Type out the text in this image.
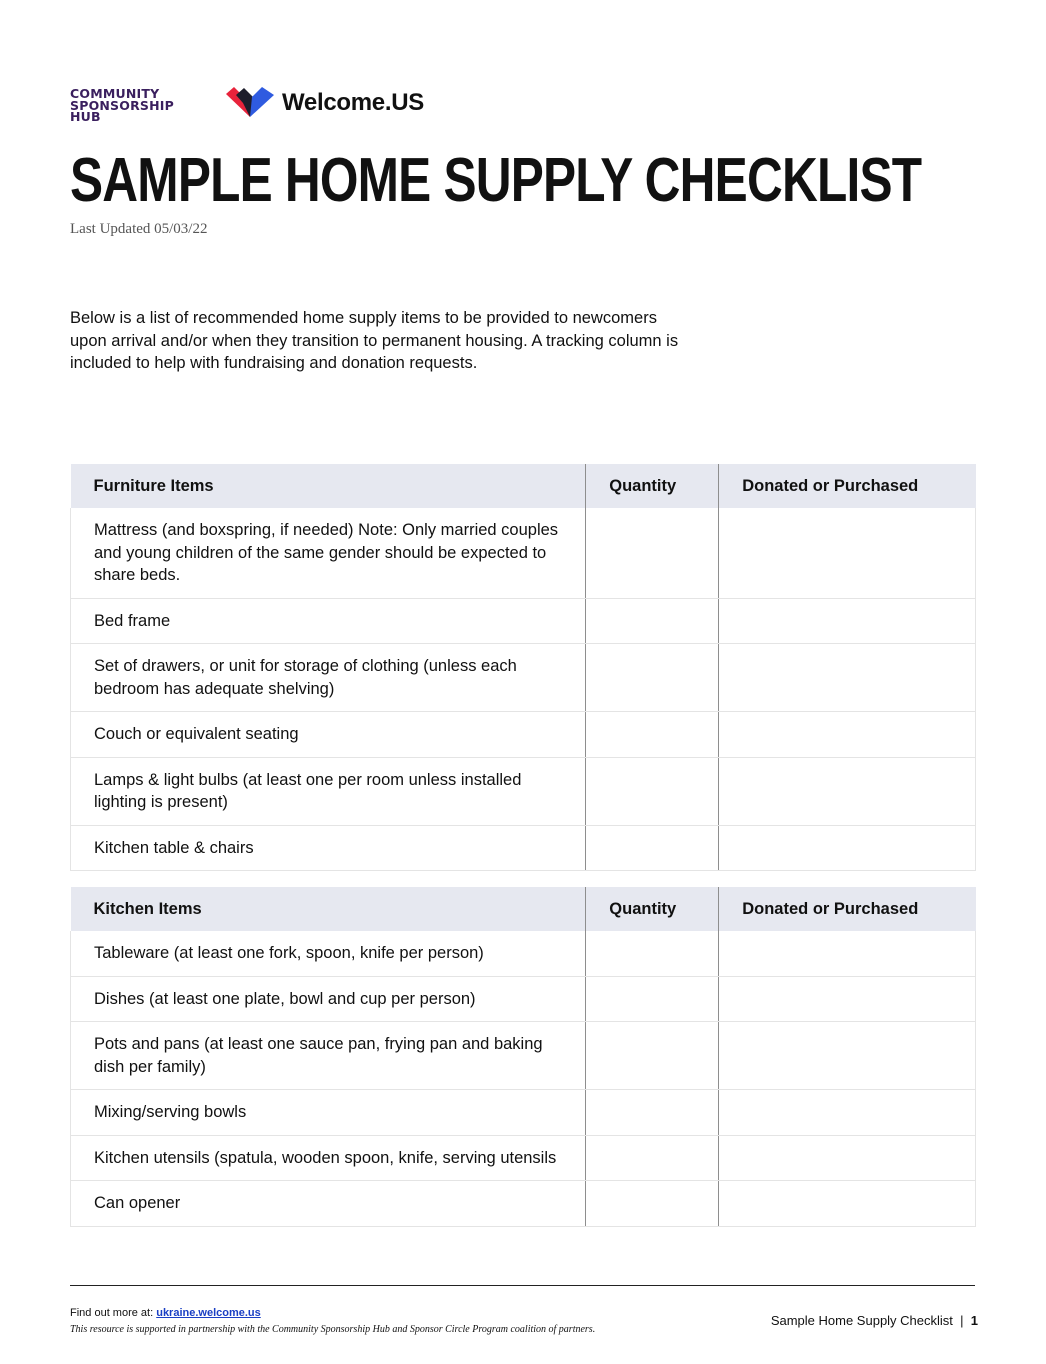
COMMUNITY
SPONSORSHIP
HUB
Welcome.US
SAMPLE HOME SUPPLY CHECKLIST
Last Updated 05/03/22

Below is a list of recommended home supply items to be provided to newcomers upon arrival and/or when they transition to permanent housing. A tracking column is included to help with fundraising and donation requests.

Furniture Items	Quantity	Donated or Purchased
Mattress (and boxspring, if needed) Note: Only married couples and young children of the same gender should be expected to share beds.		
Bed frame		
Set of drawers, or unit for storage of clothing (unless each bedroom has adequate shelving)		
Couch or equivalent seating		
Lamps & light bulbs (at least one per room unless installed lighting is present)		
Kitchen table & chairs		
Kitchen Items	Quantity	Donated or Purchased
Tableware (at least one fork, spoon, knife per person)		
Dishes (at least one plate, bowl and cup per person)		
Pots and pans (at least one sauce pan, frying pan and baking dish per family)		
Mixing/serving bowls		
Kitchen utensils (spatula, wooden spoon, knife, serving utensils		
Can opener		
Find out more at: ukraine.welcome.us
This resource is supported in partnership with the Community Sponsorship Hub and Sponsor Circle Program coalition of partners.
Sample Home Supply Checklist | 1
